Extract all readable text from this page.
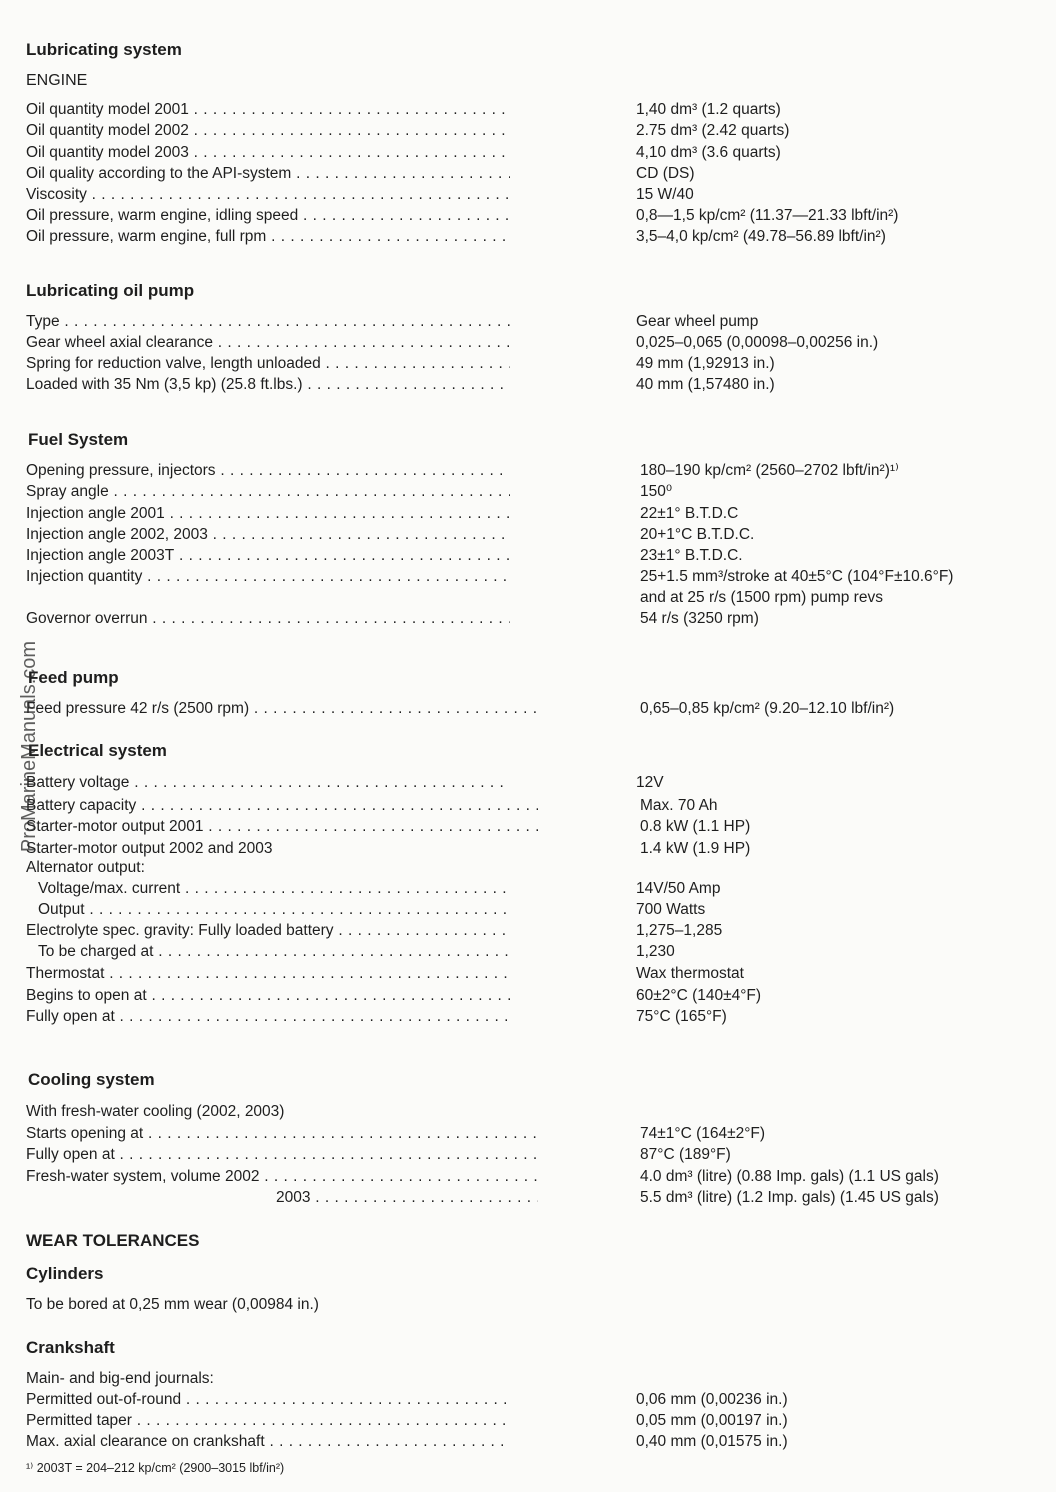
Lubricating system
ENGINE
Oil quantity model 2001 . . .	1,40 dm³ (1.2 quarts)
Oil quantity model 2002 . . .	2.75 dm³ (2.42 quarts)
Oil quantity model 2003 . . .	4,10 dm³ (3.6 quarts)
Oil quality according to the API-system . . .	CD (DS)
Viscosity . . .	15 W/40
Oil pressure, warm engine, idling speed . . .	0,8—1,5 kp/cm² (11.37—21.33 lbft/in²)
Oil pressure, warm engine, full rpm . . .	3,5–4,0 kp/cm² (49.78–56.89 lbft/in²)
Lubricating oil pump
Type . . .	Gear wheel pump
Gear wheel axial clearance . . .	0,025–0,065 (0,00098–0,00256 in.)
Spring for reduction valve, length unloaded . . .	49 mm (1,92913 in.)
Loaded with 35 Nm (3,5 kp) (25.8 ft.lbs.) . . .	40 mm (1,57480 in.)
Fuel System
Opening pressure, injectors . . .	180–190 kp/cm² (2560–2702 lbft/in²)¹⁾
Spray angle . . .	150⁰
Injection angle 2001 . . .	22±1° B.T.D.C
Injection angle 2002, 2003 . . .	20+1°C B.T.D.C.
Injection angle 2003T . . .	23±1° B.T.D.C.
Injection quantity . . .	25+1.5 mm³/stroke at 40±5°C (104°F±10.6°F)
and at 25 r/s (1500 rpm) pump revs
Governor overrun . . .	54 r/s (3250 rpm)
Feed pump
Feed pressure 42 r/s (2500 rpm) . . .	0,65–0,85 kp/cm² (9.20–12.10 lbf/in²)
Electrical system
Battery voltage . . .	12V
Battery capacity . . .	Max. 70 Ah
Starter-motor output 2001 . . .	0.8 kW (1.1 HP)
Starter-motor output 2002 and 2003	1.4 kW (1.9 HP)
Alternator output:
Voltage/max. current . . .	14V/50 Amp
Output . . .	700 Watts
Electrolyte spec. gravity: Fully loaded battery . . .	1,275–1,285
To be charged at . . .	1,230
Thermostat . . .	Wax thermostat
Begins to open at . . .	60±2°C (140±4°F)
Fully open at . . .	75°C (165°F)
Cooling system
With fresh-water cooling (2002, 2003)
Starts opening at . . .	74±1°C (164±2°F)
Fully open at . . .	87°C (189°F)
Fresh-water system, volume 2002 . . .	4.0 dm³ (litre) (0.88 Imp. gals) (1.1 US gals)
2003 . . .	5.5 dm³ (litre) (1.2 Imp. gals) (1.45 US gals)
WEAR TOLERANCES
Cylinders
To be bored at 0,25 mm wear (0,00984 in.)
Crankshaft
Main- and big-end journals:
Permitted out-of-round . . .	0,06 mm (0,00236 in.)
Permitted taper . . .	0,05 mm (0,00197 in.)
Max. axial clearance on crankshaft . . .	0,40 mm (0,01575 in.)
¹⁾ 2003T = 204–212 kp/cm² (2900–3015 lbf/in²)
ProMarineManuals.com
